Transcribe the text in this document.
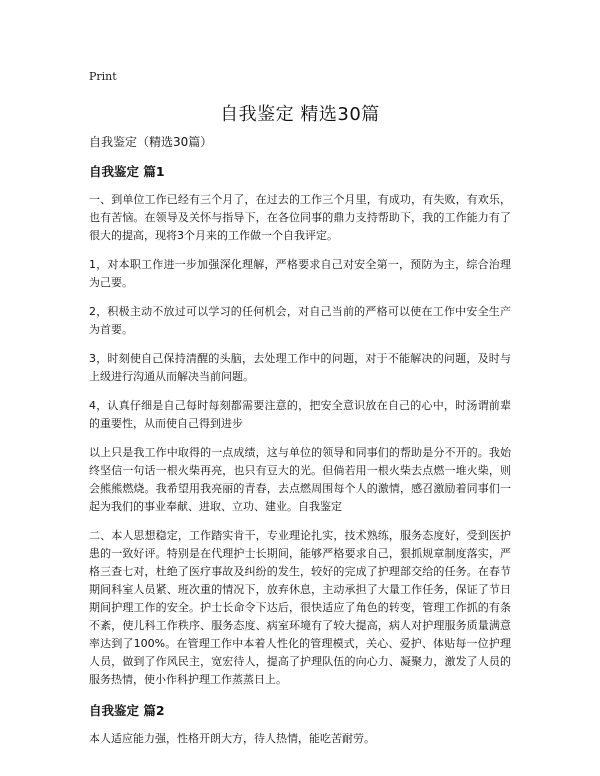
Print
自我鉴定 精选30篇
自我鉴定（精选30篇）
自我鉴定 篇1

一、到单位工作已经有三个月了，在过去的工作三个月里，有成功，有失败，有欢乐，也有苦恼。在领导及关怀与指导下，在各位同事的鼎力支持帮助下，我的工作能力有了很大的提高，现将3个月来的工作做一个自我评定。

1，对本职工作进一步加强深化理解，严格要求自己对安全第一，预防为主，综合治理为己要。

2，积极主动不放过可以学习的任何机会，对自己当前的严格可以使在工作中安全生产为首要。

3，时刻使自己保持清醒的头脑，去处理工作中的问题，对于不能解决的问题，及时与上级进行沟通从而解决当前问题。

4，认真仔细是自己每时每刻都需要注意的，把安全意识放在自己的心中，时汤谓前辈的重要性，从而使自己得到进步

以上只是我工作中取得的一点成绩，这与单位的领导和同事们的帮助是分不开的。我始终坚信一句话一根火柴再亮，也只有豆大的光。但倘若用一根火柴去点燃一堆火柴，则会熊熊燃烧。我希望用我亮丽的青春，去点燃周围每个人的激情，感召激励着同事们一起为我们的事业奉献、进取、立功、建业。自我鉴定

二、本人思想稳定，工作踏实肯干，专业理论扎实，技术熟练，服务态度好，受到医护患的一致好评。特别是在代理护士长期间，能够严格要求自己，狠抓规章制度落实，严格三查七对，杜绝了医疗事故及纠纷的发生，较好的完成了护理部交给的任务。在春节期间科室人员紧、班次重的情况下，放弃休息，主动承担了大量工作任务，保证了节日期间护理工作的安全。护士长命令下达后，很快适应了角色的转变，管理工作抓的有条不紊，使儿科工作秩序、服务态度、病室环境有了较大提高，病人对护理服务质量满意率达到了100%。在管理工作中本着人性化的管理模式，关心、爱护、体贴每一位护理人员，做到了作风民主，宽宏待人，提高了护理队伍的向心力、凝聚力，激发了人员的服务热情，使小作科护理工作蒸蒸日上。

自我鉴定 篇2

本人适应能力强，性格开朗大方，待人热情，能吃苦耐劳。
